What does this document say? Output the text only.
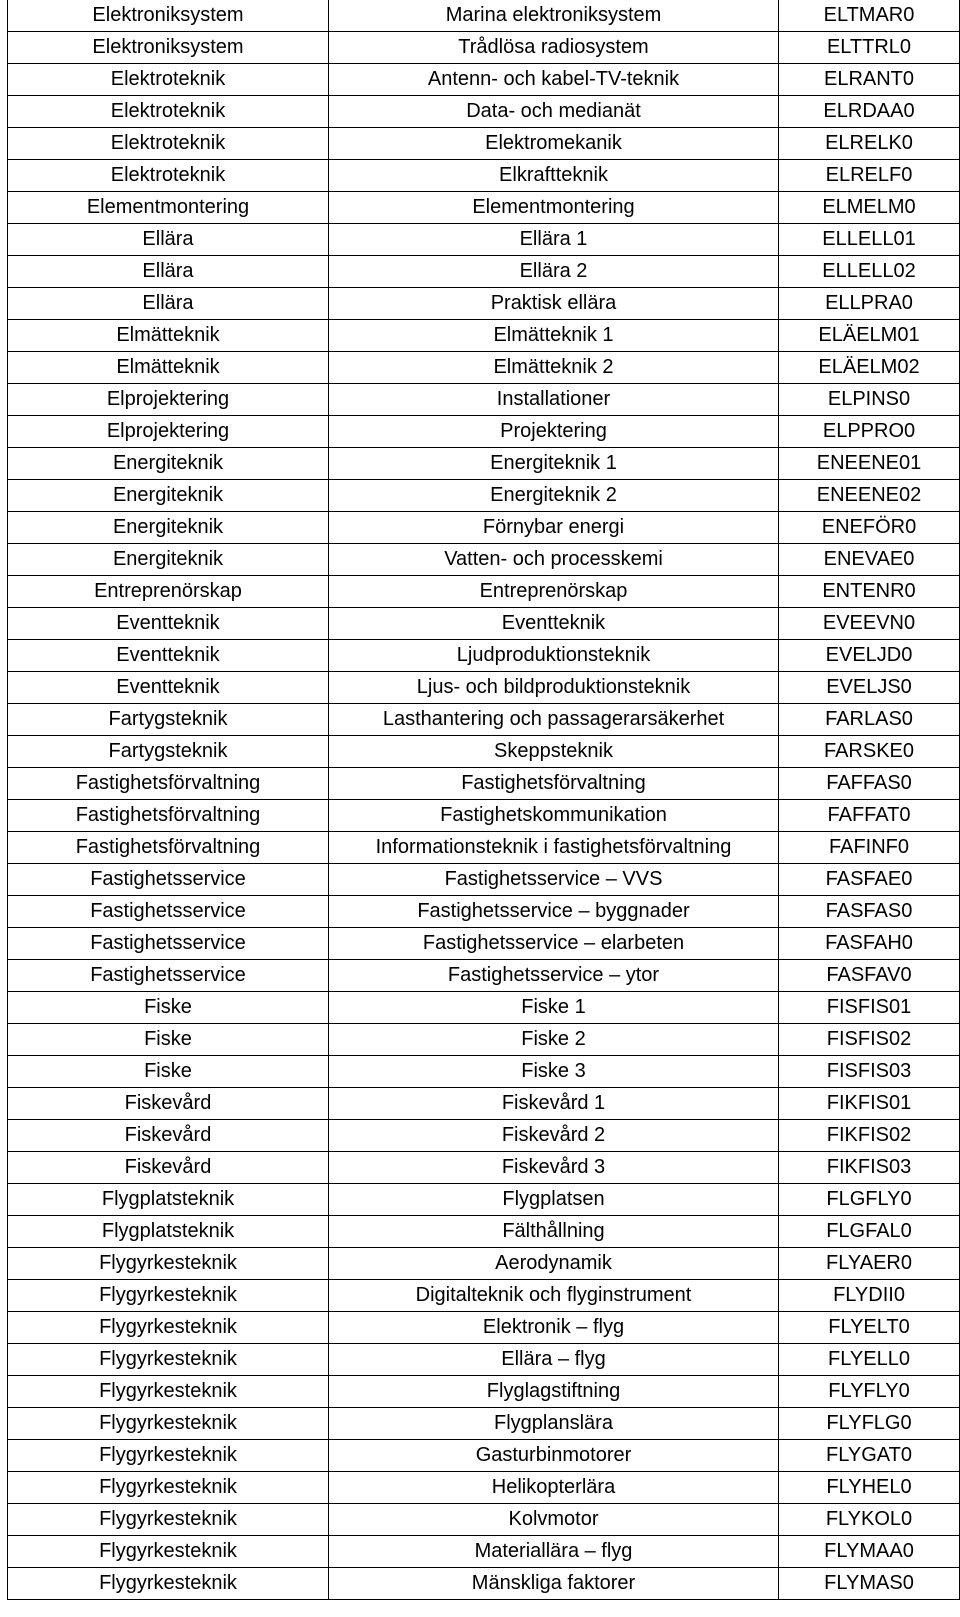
Elektroniksystem	Marina elektroniksystem	ELTMAR0
Elektroniksystem	Trådlösa radiosystem	ELTTRL0
Elektroteknik	Antenn- och kabel-TV-teknik	ELRANT0
Elektroteknik	Data- och medianät	ELRDAA0
Elektroteknik	Elektromekanik	ELRELK0
Elektroteknik	Elkraftteknik	ELRELF0
Elementmontering	Elementmontering	ELMELM0
Ellära	Ellära 1	ELLELL01
Ellära	Ellära 2	ELLELL02
Ellära	Praktisk ellära	ELLPRA0
Elmätteknik	Elmätteknik 1	ELÄELM01
Elmätteknik	Elmätteknik 2	ELÄELM02
Elprojektering	Installationer	ELPINS0
Elprojektering	Projektering	ELPPRO0
Energiteknik	Energiteknik 1	ENEENE01
Energiteknik	Energiteknik 2	ENEENE02
Energiteknik	Förnybar energi	ENEFÖR0
Energiteknik	Vatten- och processkemi	ENEVAE0
Entreprenörskap	Entreprenörskap	ENTENR0
Eventteknik	Eventteknik	EVEEVN0
Eventteknik	Ljudproduktionsteknik	EVELJD0
Eventteknik	Ljus- och bildproduktionsteknik	EVELJS0
Fartygsteknik	Lasthantering och passagerarsäkerhet	FARLAS0
Fartygsteknik	Skeppsteknik	FARSKE0
Fastighetsförvaltning	Fastighetsförvaltning	FAFFAS0
Fastighetsförvaltning	Fastighetskommunikation	FAFFAT0
Fastighetsförvaltning	Informationsteknik i fastighetsförvaltning	FAFINF0
Fastighetsservice	Fastighetsservice – VVS	FASFAE0
Fastighetsservice	Fastighetsservice – byggnader	FASFAS0
Fastighetsservice	Fastighetsservice – elarbeten	FASFAH0
Fastighetsservice	Fastighetsservice – ytor	FASFAV0
Fiske	Fiske 1	FISFIS01
Fiske	Fiske 2	FISFIS02
Fiske	Fiske 3	FISFIS03
Fiskevård	Fiskevård 1	FIKFIS01
Fiskevård	Fiskevård 2	FIKFIS02
Fiskevård	Fiskevård 3	FIKFIS03
Flygplatsteknik	Flygplatsen	FLGFLY0
Flygplatsteknik	Fälthållning	FLGFAL0
Flygyrkesteknik	Aerodynamik	FLYAER0
Flygyrkesteknik	Digitalteknik och flyginstrument	FLYDII0
Flygyrkesteknik	Elektronik – flyg	FLYELT0
Flygyrkesteknik	Ellära – flyg	FLYELL0
Flygyrkesteknik	Flyglagstiftning	FLYFLY0
Flygyrkesteknik	Flygplanslära	FLYFLG0
Flygyrkesteknik	Gasturbinmotorer	FLYGAT0
Flygyrkesteknik	Helikopterlära	FLYHEL0
Flygyrkesteknik	Kolvmotor	FLYKOL0
Flygyrkesteknik	Materiallära – flyg	FLYMAA0
Flygyrkesteknik	Mänskliga faktorer	FLYMAS0
